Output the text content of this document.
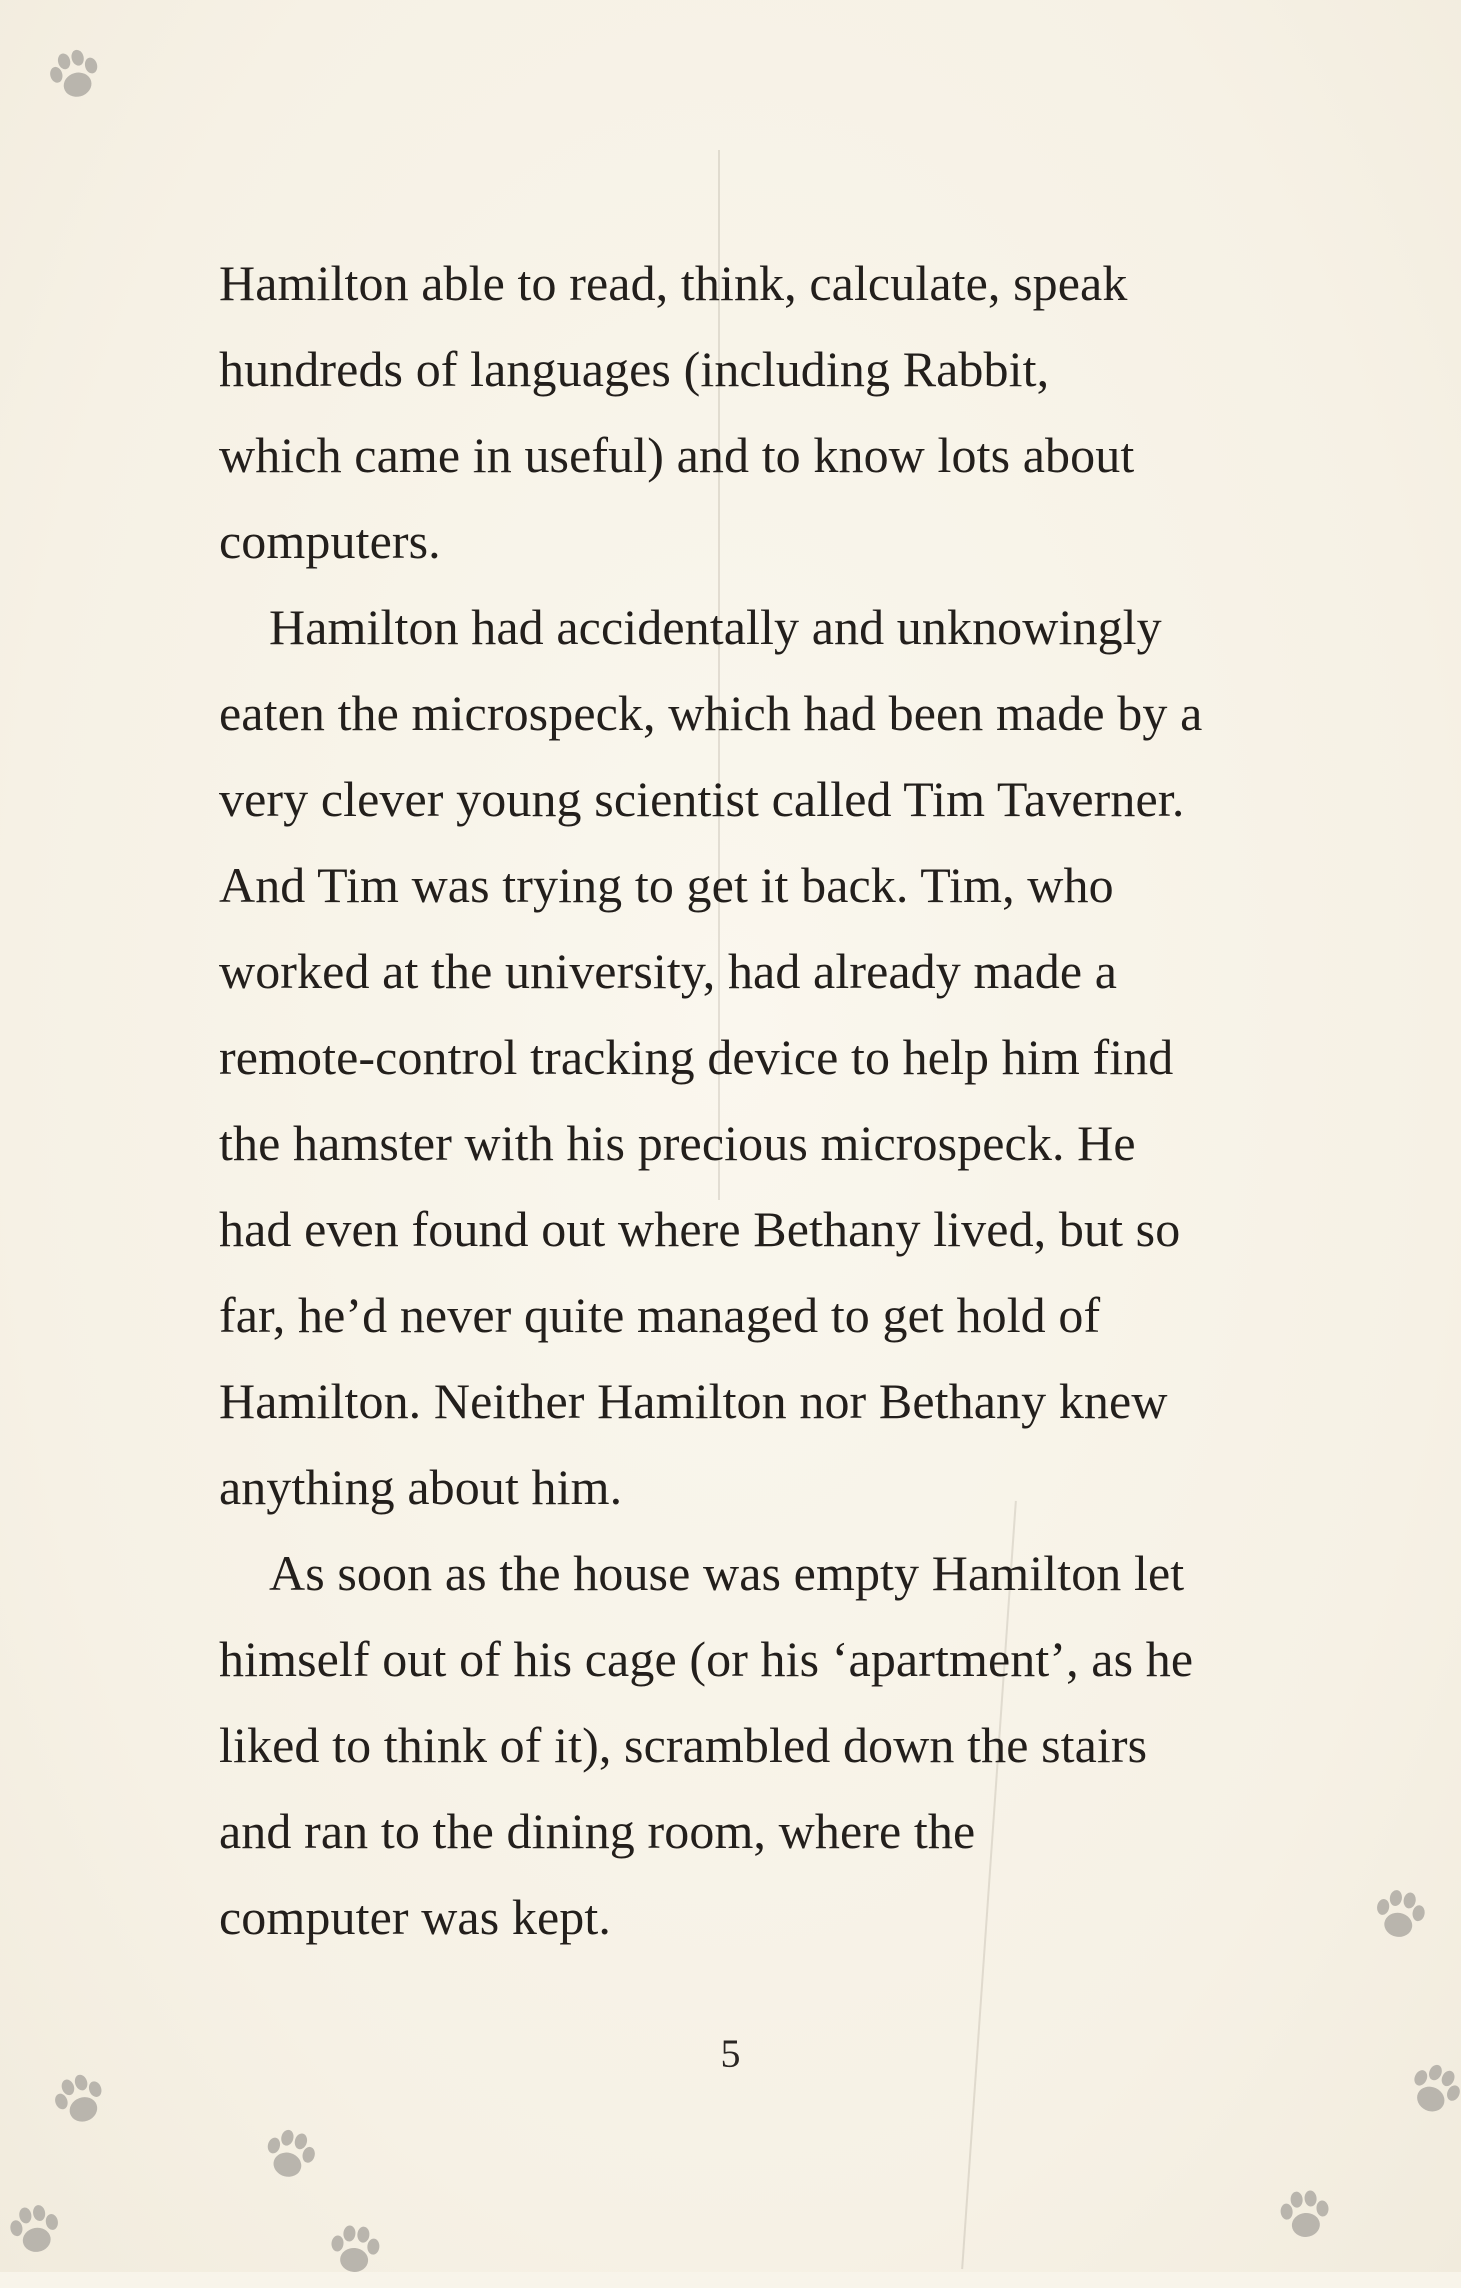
Hamilton able to read, think, calculate, speak
hundreds of languages (including Rabbit,
which came in useful) and to know lots about
computers.
Hamilton had accidentally and unknowingly
eaten the microspeck, which had been made by a
very clever young scientist called Tim Taverner.
And Tim was trying to get it back. Tim, who
worked at the university, had already made a
remote-control tracking device to help him find
the hamster with his precious microspeck. He
had even found out where Bethany lived, but so
far, he’d never quite managed to get hold of
Hamilton. Neither Hamilton nor Bethany knew
anything about him.
As soon as the house was empty Hamilton let
himself out of his cage (or his ‘apartment’, as he
liked to think of it), scrambled down the stairs
and ran to the dining room, where the
computer was kept.
5
